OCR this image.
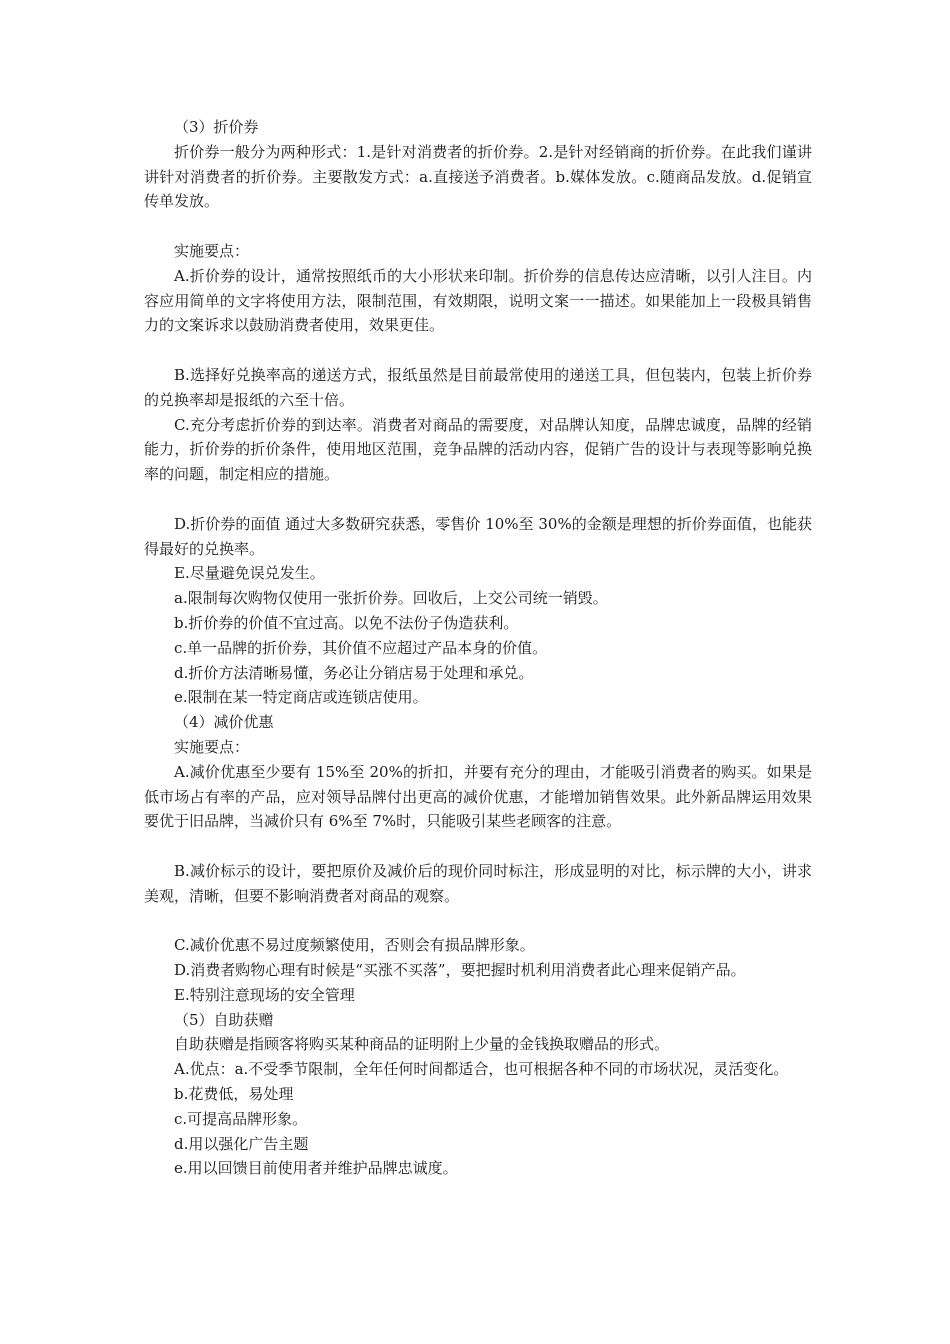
（3）折价券

折价券一般分为两种形式：1.是针对消费者的折价券。2.是针对经销商的折价券。在此我们谨讲讲针对消费者的折价券。主要散发方式：a.直接送予消费者。b.媒体发放。c.随商品发放。d.促销宣传单发放。

实施要点：

A.折价券的设计，通常按照纸币的大小形状来印制。折价券的信息传达应清晰，以引人注目。内容应用简单的文字将使用方法，限制范围，有效期限，说明文案一一描述。如果能加上一段极具销售力的文案诉求以鼓励消费者使用，效果更佳。

B.选择好兑换率高的递送方式，报纸虽然是目前最常使用的递送工具，但包装内，包装上折价券的兑换率却是报纸的六至十倍。

C.充分考虑折价券的到达率。消费者对商品的需要度，对品牌认知度，品牌忠诚度，品牌的经销能力，折价券的折价条件，使用地区范围，竞争品牌的活动内容，促销广告的设计与表现等影响兑换率的问题，制定相应的措施。

D.折价券的面值 通过大多数研究获悉，零售价 10%至 30%的金额是理想的折价券面值，也能获得最好的兑换率。

E.尽量避免误兑发生。

a.限制每次购物仅使用一张折价券。回收后，上交公司统一销毁。

b.折价券的价值不宜过高。以免不法份子伪造获利。

c.单一品牌的折价券，其价值不应超过产品本身的价值。

d.折价方法清晰易懂，务必让分销店易于处理和承兑。

e.限制在某一特定商店或连锁店使用。

（4）减价优惠

实施要点：

A.减价优惠至少要有 15%至 20%的折扣，并要有充分的理由，才能吸引消费者的购买。如果是低市场占有率的产品，应对领导品牌付出更高的减价优惠，才能增加销售效果。此外新品牌运用效果要优于旧品牌，当减价只有 6%至 7%时，只能吸引某些老顾客的注意。

B.减价标示的设计，要把原价及减价后的现价同时标注，形成显明的对比，标示牌的大小，讲求美观，清晰，但要不影响消费者对商品的观察。

C.减价优惠不易过度频繁使用，否则会有损品牌形象。

D.消费者购物心理有时候是“买涨不买落”，要把握时机利用消费者此心理来促销产品。

E.特别注意现场的安全管理

（5）自助获赠

自助获赠是指顾客将购买某种商品的证明附上少量的金钱换取赠品的形式。

A.优点：a.不受季节限制，全年任何时间都适合，也可根据各种不同的市场状况，灵活变化。

b.花费低，易处理

c.可提高品牌形象。

d.用以强化广告主题

e.用以回馈目前使用者并维护品牌忠诚度。
